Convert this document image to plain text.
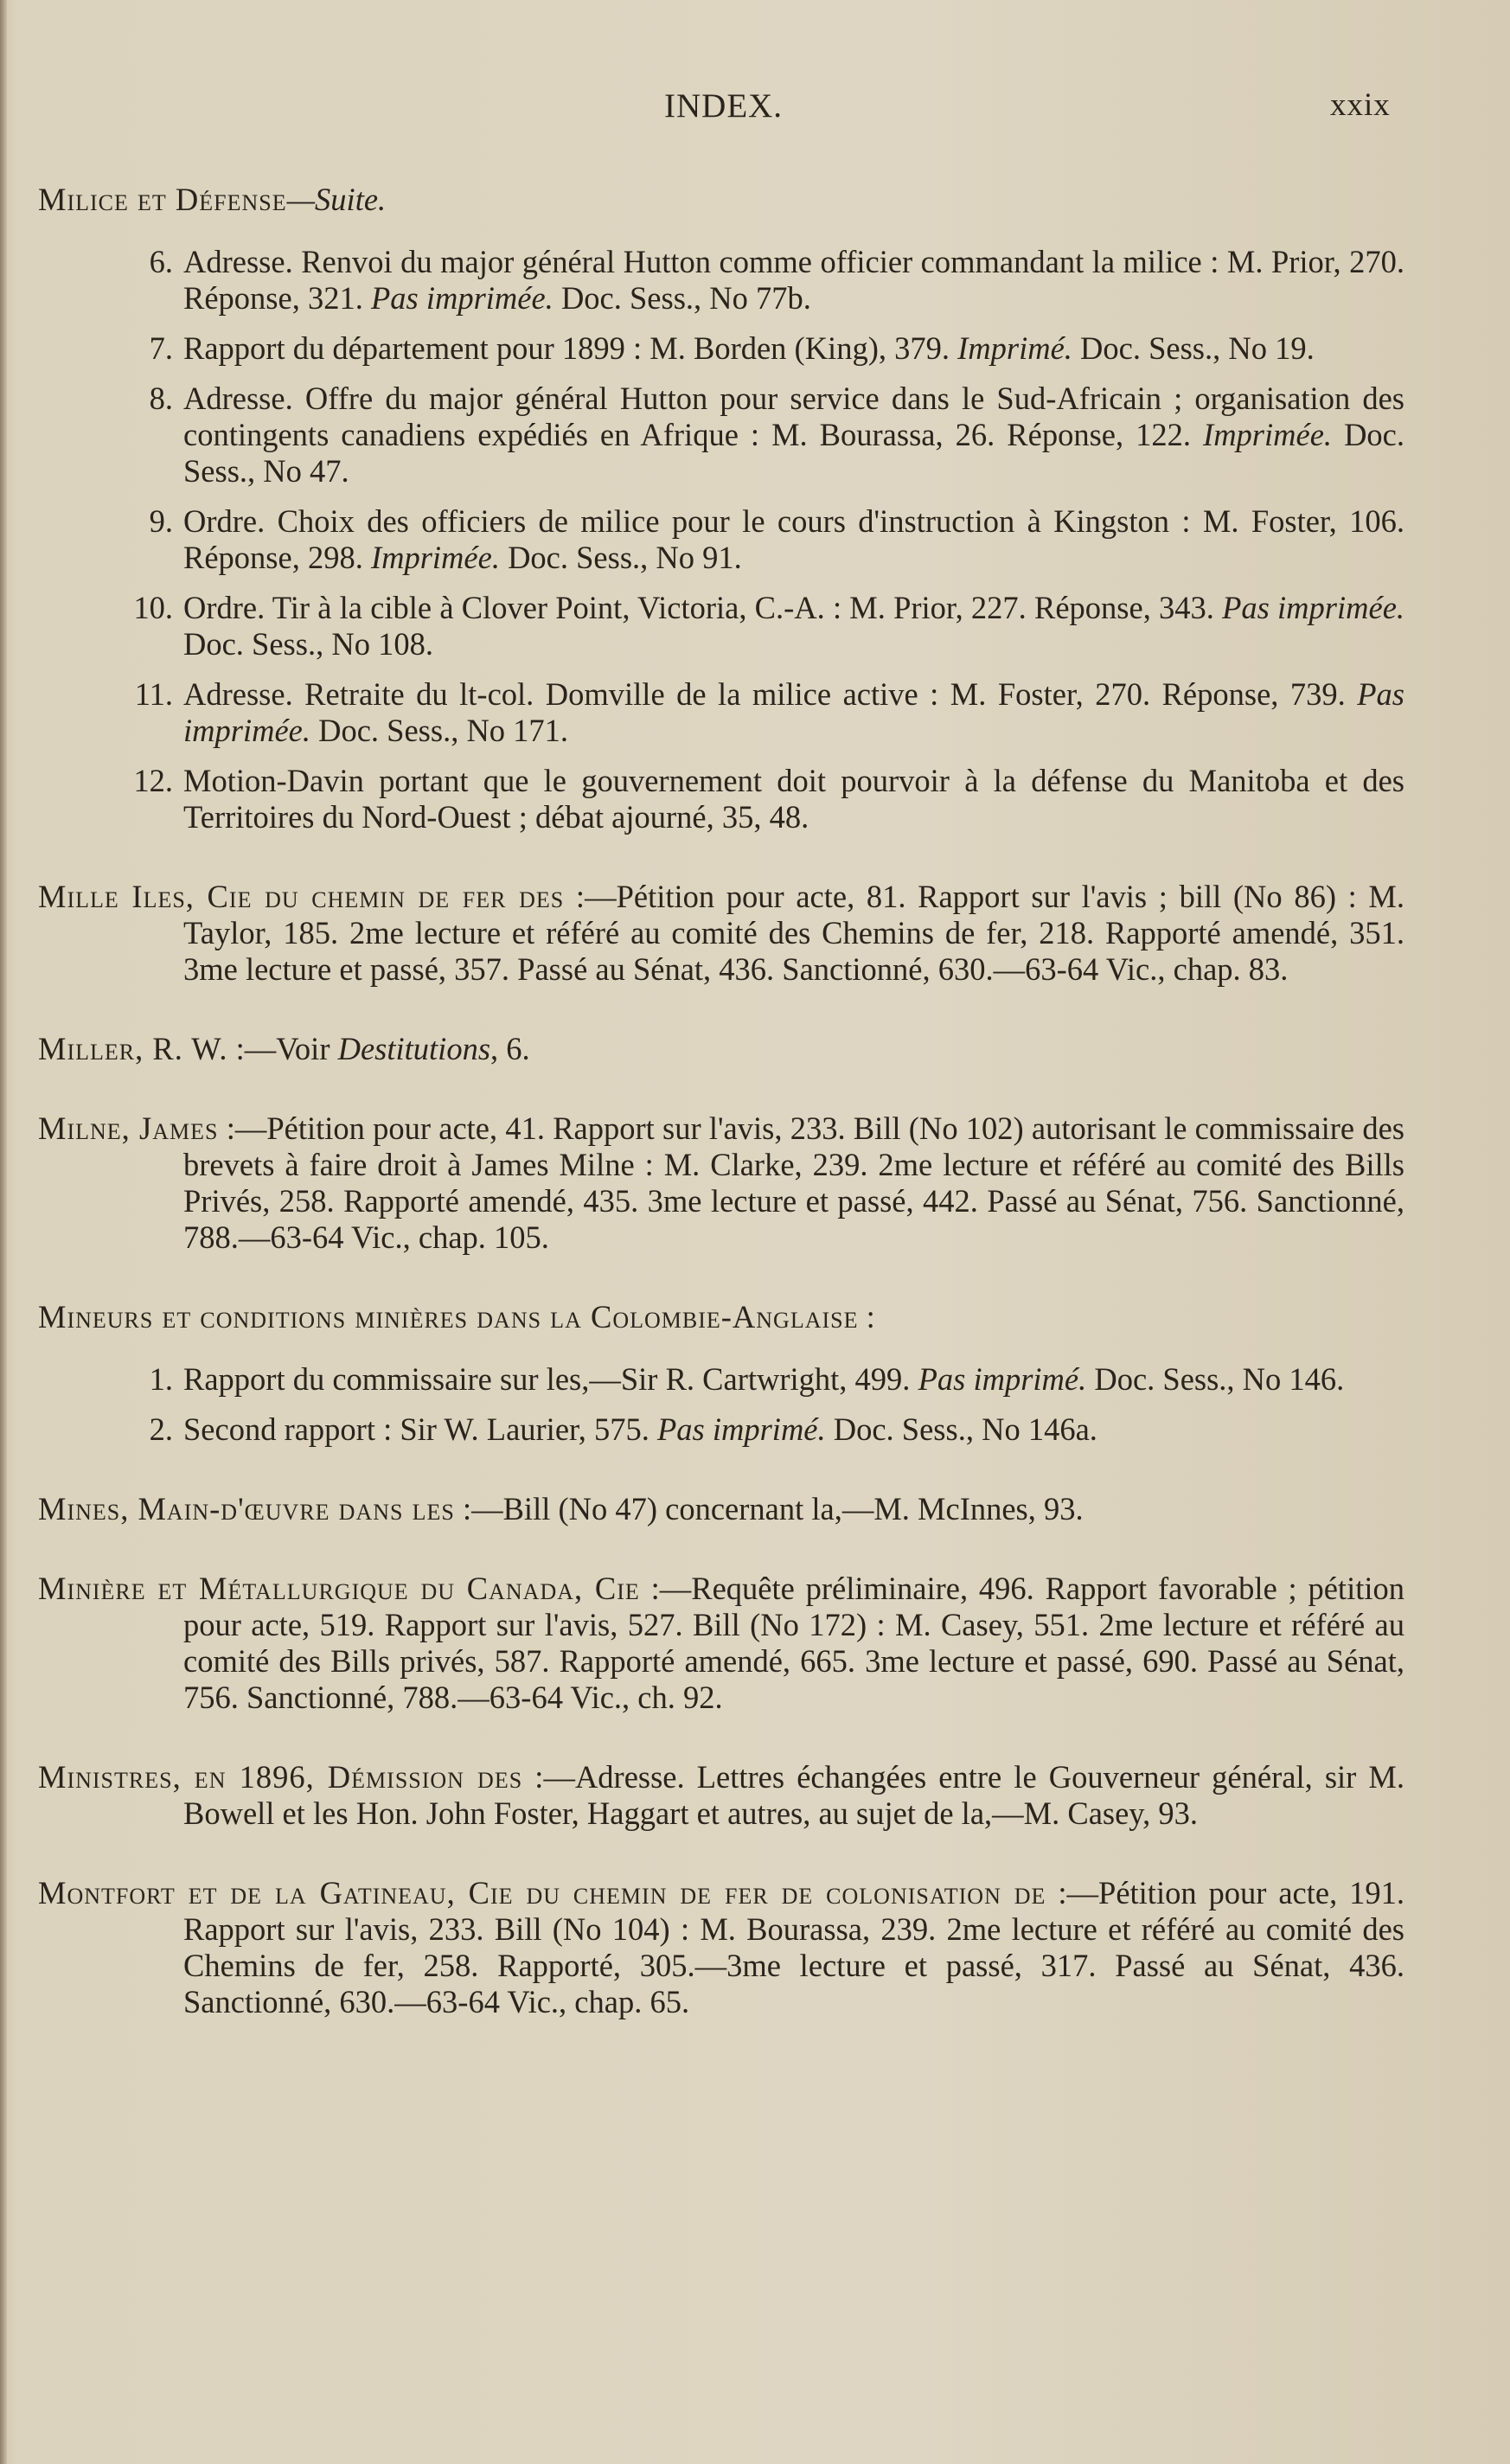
INDEX.	xxix
Milice et Défense—Suite.
6. Adresse. Renvoi du major général Hutton comme officier commandant la milice : M. Prior, 270. Réponse, 321. Pas imprimée. Doc. Sess., No 77b.
7. Rapport du département pour 1899 : M. Borden (King), 379. Imprimé. Doc. Sess., No 19.
8. Adresse. Offre du major général Hutton pour service dans le Sud-Africain ; organisation des contingents canadiens expédiés en Afrique : M. Bourassa, 26. Réponse, 122. Imprimée. Doc. Sess., No 47.
9. Ordre. Choix des officiers de milice pour le cours d'instruction à Kingston : M. Foster, 106. Réponse, 298. Imprimée. Doc. Sess., No 91.
10. Ordre. Tir à la cible à Clover Point, Victoria, C.-A. : M. Prior, 227. Réponse, 343. Pas imprimée. Doc. Sess., No 108.
11. Adresse. Retraite du lt-col. Domville de la milice active : M. Foster, 270. Réponse, 739. Pas imprimée. Doc. Sess., No 171.
12. Motion-Davin portant que le gouvernement doit pourvoir à la défense du Manitoba et des Territoires du Nord-Ouest ; débat ajourné, 35, 48.
Mille Iles, Cie du chemin de fer des :—Pétition pour acte, 81. Rapport sur l'avis ; bill (No 86) : M. Taylor, 185. 2me lecture et référé au comité des Chemins de fer, 218. Rapporté amendé, 351. 3me lecture et passé, 357. Passé au Sénat, 436. Sanctionné, 630.—63-64 Vic., chap. 83.
Miller, R. W. :—Voir Destitutions, 6.
Milne, James :—Pétition pour acte, 41. Rapport sur l'avis, 233. Bill (No 102) autorisant le commissaire des brevets à faire droit à James Milne : M. Clarke, 239. 2me lecture et référé au comité des Bills Privés, 258. Rapporté amendé, 435. 3me lecture et passé, 442. Passé au Sénat, 756. Sanctionné, 788.—63-64 Vic., chap. 105.
Mineurs et conditions minières dans la Colombie-Anglaise :
1. Rapport du commissaire sur les,—Sir R. Cartwright, 499. Pas imprimé. Doc. Sess., No 146.
2. Second rapport : Sir W. Laurier, 575. Pas imprimé. Doc. Sess., No 146a.
Mines, Main-d'œuvre dans les :—Bill (No 47) concernant la,—M. McInnes, 93.
Minière et Métallurgique du Canada, Cie :—Requête préliminaire, 496. Rapport favorable ; pétition pour acte, 519. Rapport sur l'avis, 527. Bill (No 172) : M. Casey, 551. 2me lecture et référé au comité des Bills privés, 587. Rapporté amendé, 665. 3me lecture et passé, 690. Passé au Sénat, 756. Sanctionné, 788.—63-64 Vic., ch. 92.
Ministres, en 1896, Démission des :—Adresse. Lettres échangées entre le Gouverneur général, sir M. Bowell et les Hon. John Foster, Haggart et autres, au sujet de la,—M. Casey, 93.
Montfort et de la Gatineau, Cie du chemin de fer de colonisation de :—Pétition pour acte, 191. Rapport sur l'avis, 233. Bill (No 104) : M. Bourassa, 239. 2me lecture et référé au comité des Chemins de fer, 258. Rapporté, 305.—3me lecture et passé, 317. Passé au Sénat, 436. Sanctionné, 630.—63-64 Vic., chap. 65.
